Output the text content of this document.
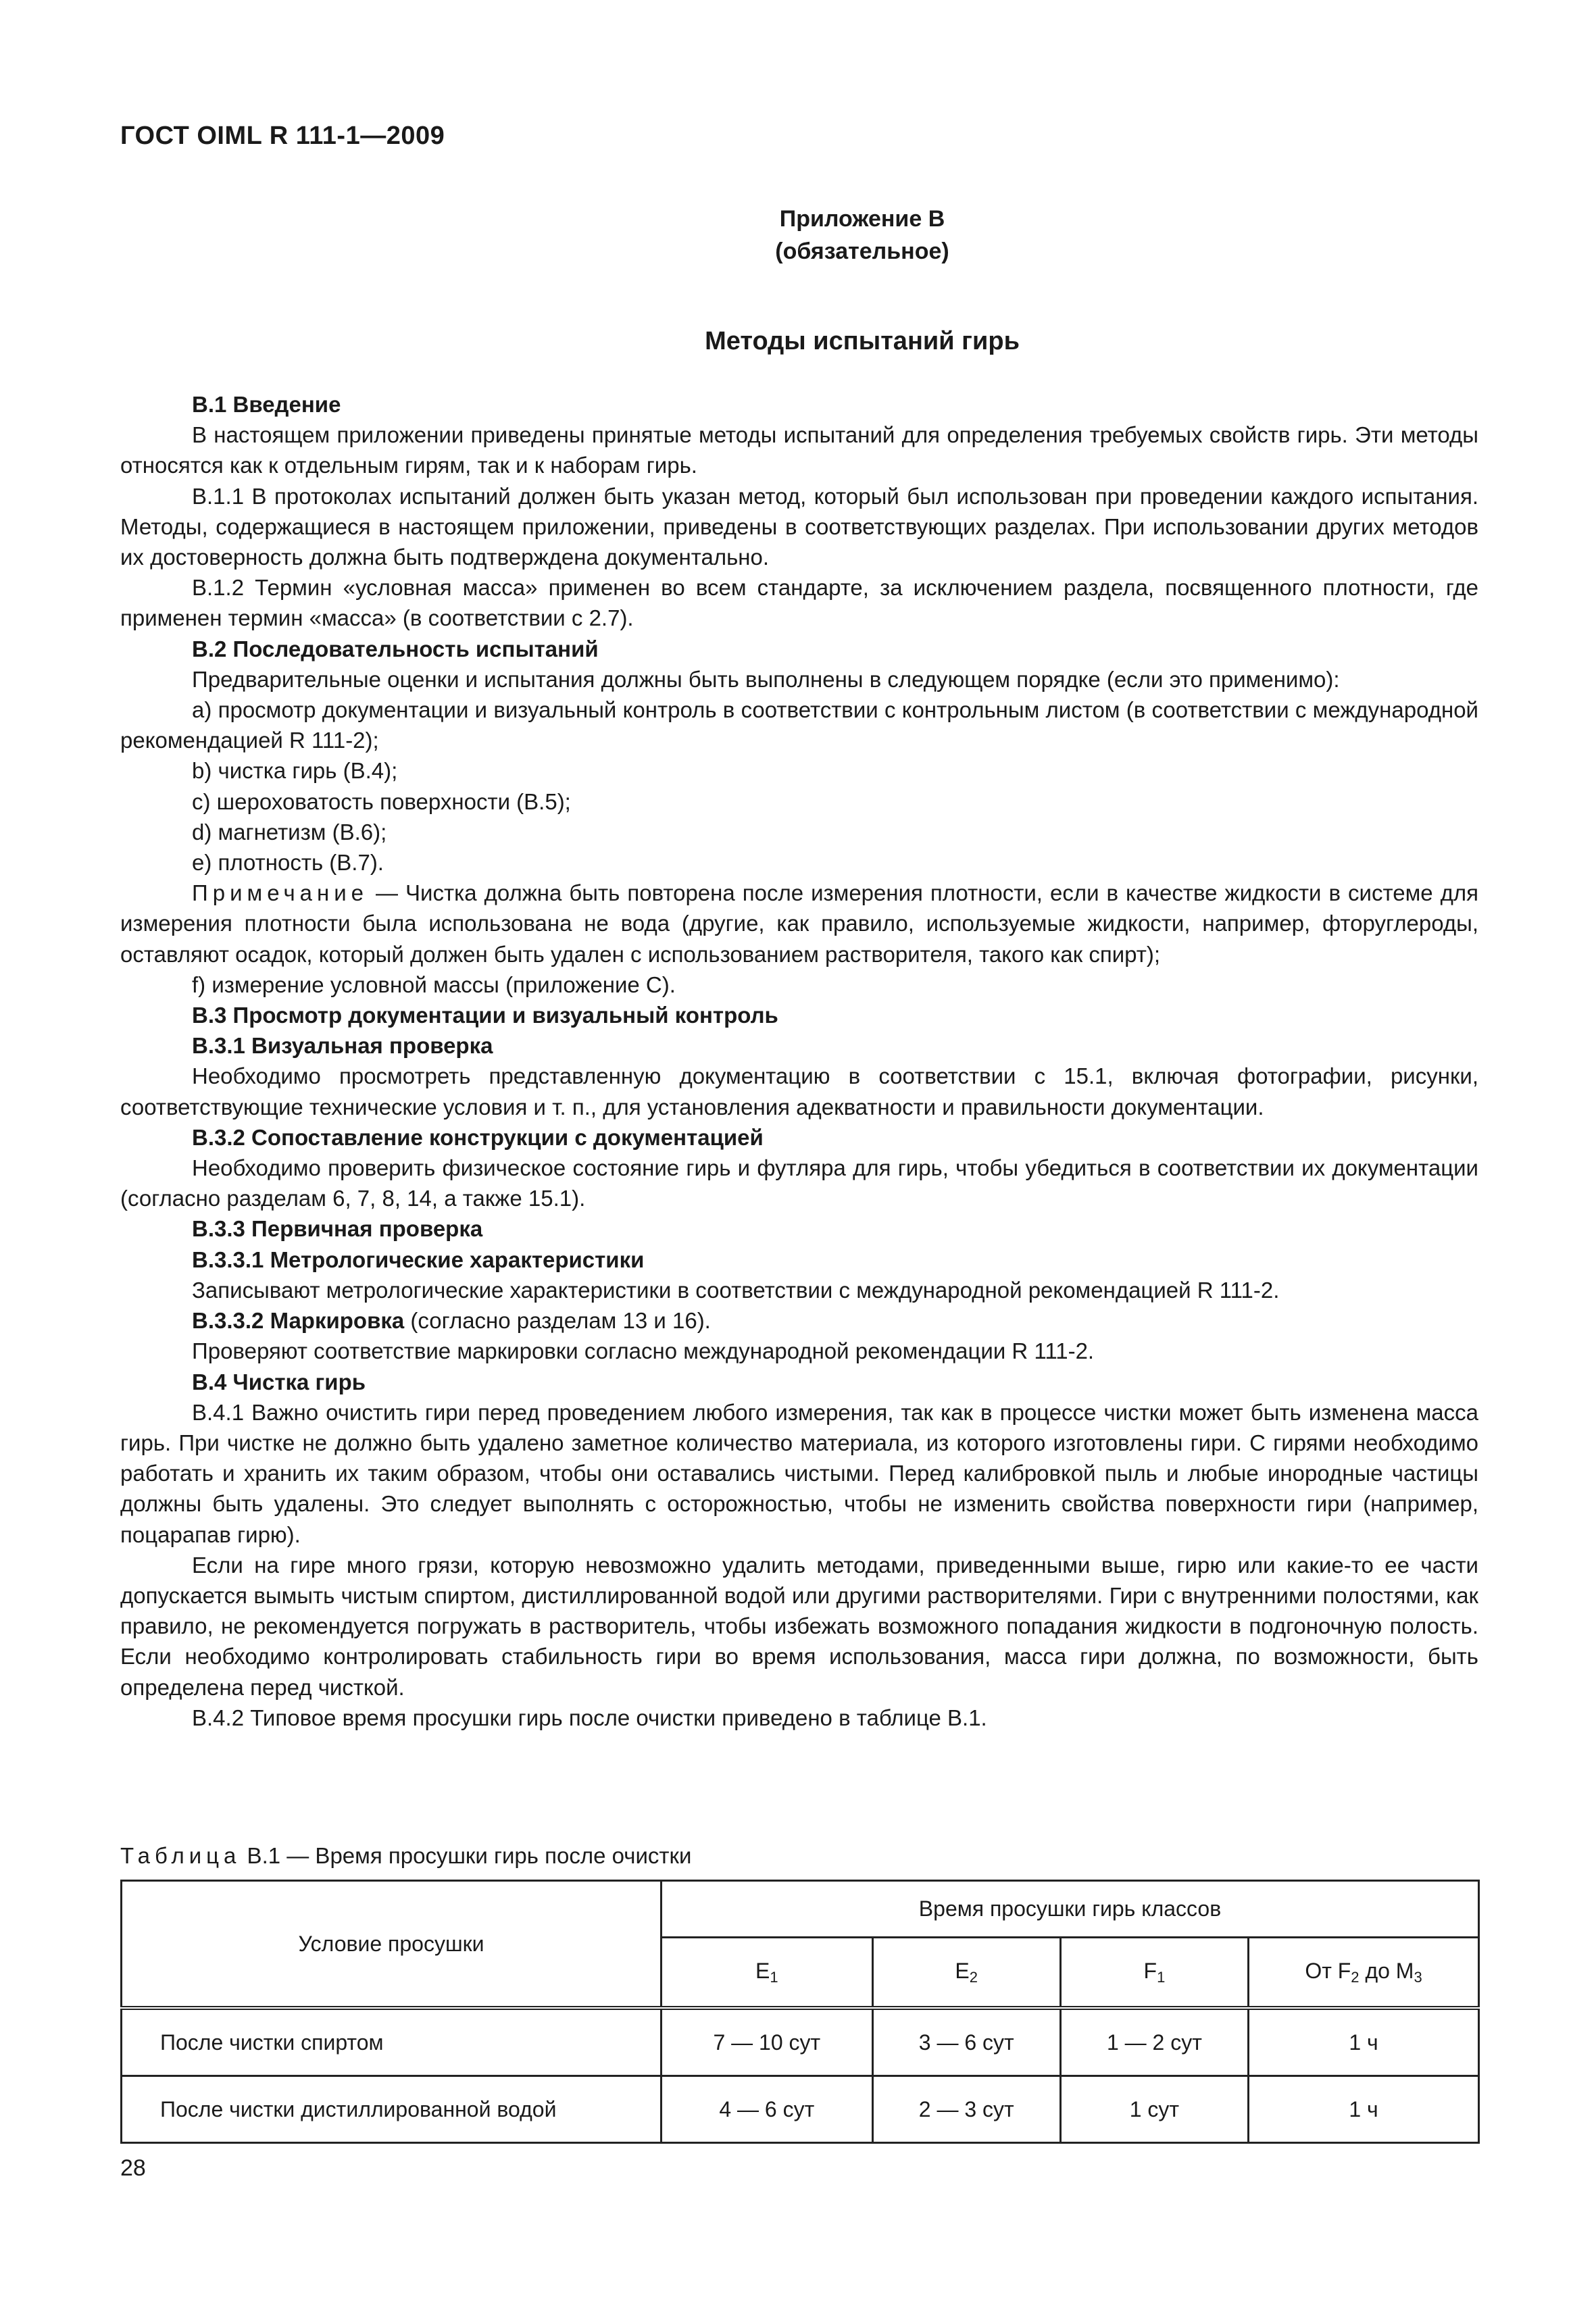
ГОСТ OIML R 111-1—2009
Приложение В
(обязательное)
Методы испытаний гирь

В.1 Введение

В настоящем приложении приведены принятые методы испытаний для определения требуемых свойств гирь. Эти методы относятся как к отдельным гирям, так и к наборам гирь.

В.1.1 В протоколах испытаний должен быть указан метод, который был использован при проведении каждого испытания. Методы, содержащиеся в настоящем приложении, приведены в соответствующих разделах. При использовании других методов их достоверность должна быть подтверждена документально.

В.1.2 Термин «условная масса» применен во всем стандарте, за исключением раздела, посвященного плотности, где применен термин «масса» (в соответствии с 2.7).

В.2 Последовательность испытаний

Предварительные оценки и испытания должны быть выполнены в следующем порядке (если это применимо):

а) просмотр документации и визуальный контроль в соответствии с контрольным листом (в соответствии с международной рекомендацией R 111-2);

b) чистка гирь (В.4);

с) шероховатость поверхности (В.5);

d) магнетизм (В.6);

е) плотность (В.7).

Примечание — Чистка должна быть повторена после измерения плотности, если в качестве жидкости в системе для измерения плотности была использована не вода (другие, как правило, используемые жидкости, например, фторуглероды, оставляют осадок, который должен быть удален с использованием растворителя, такого как спирт);

f) измерение условной массы (приложение С).

В.3 Просмотр документации и визуальный контроль

В.3.1 Визуальная проверка

Необходимо просмотреть представленную документацию в соответствии с 15.1, включая фотографии, рисунки, соответствующие технические условия и т. п., для установления адекватности и правильности документации.

В.3.2 Сопоставление конструкции с документацией

Необходимо проверить физическое состояние гирь и футляра для гирь, чтобы убедиться в соответствии их документации (согласно разделам 6, 7, 8, 14, а также 15.1).

В.3.3 Первичная проверка

В.3.3.1 Метрологические характеристики

Записывают метрологические характеристики в соответствии с международной рекомендацией R 111-2.

В.3.3.2 Маркировка (согласно разделам 13 и 16).

Проверяют соответствие маркировки согласно международной рекомендации R 111-2.

В.4 Чистка гирь

В.4.1 Важно очистить гири перед проведением любого измерения, так как в процессе чистки может быть изменена масса гирь. При чистке не должно быть удалено заметное количество материала, из которого изготовлены гири. С гирями необходимо работать и хранить их таким образом, чтобы они оставались чистыми. Перед калибровкой пыль и любые инородные частицы должны быть удалены. Это следует выполнять с осторожностью, чтобы не изменить свойства поверхности гири (например, поцарапав гирю).

Если на гире много грязи, которую невозможно удалить методами, приведенными выше, гирю или какие-то ее части допускается вымыть чистым спиртом, дистиллированной водой или другими растворителями. Гири с внутренними полостями, как правило, не рекомендуется погружать в растворитель, чтобы избежать возможного попадания жидкости в подгоночную полость. Если необходимо контролировать стабильность гири во время использования, масса гири должна, по возможности, быть определена перед чисткой.

В.4.2 Типовое время просушки гирь после очистки приведено в таблице В.1.

Таблица В.1 — Время просушки гирь после очистки
Условие просушки	Время просушки гирь классов			
	$E_1$	$E_2$	$F_1$	От $F_2$ до $M_3$
После чистки спиртом	7 — 10 сут	3 — 6 сут	1 — 2 сут	1 ч
После чистки дистиллированной водой	4 — 6 сут	2 — 3 сут	1 сут	1 ч
28
